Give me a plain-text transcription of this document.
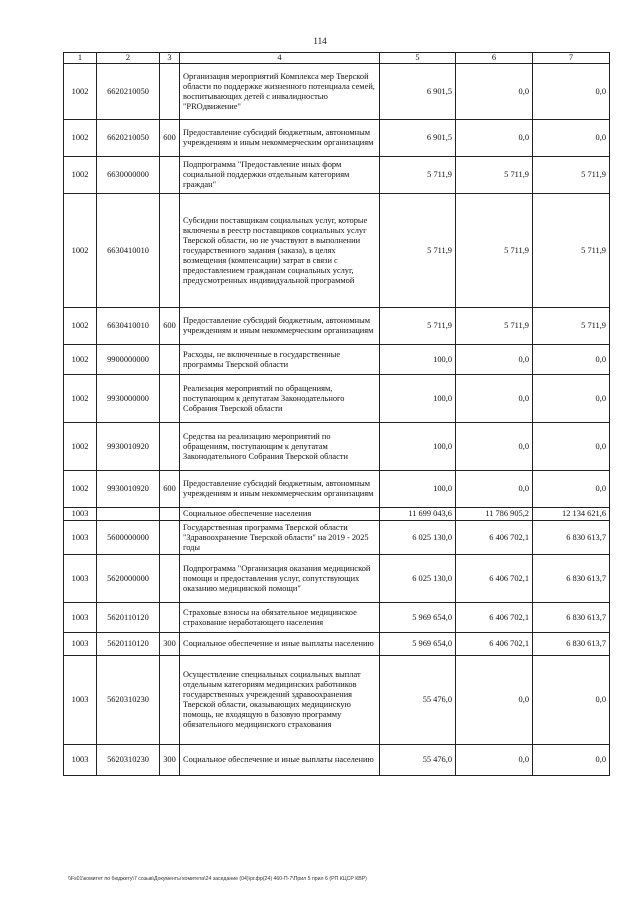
114
1	2	3	4	5	6	7
1002	6620210050		Организация мероприятий Комплекса мер Тверской области по поддержке жизненного потенциала семей, воспитывающих детей с инвалидностью "PROдвижение"	6 901,5	0,0	0,0
1002	6620210050	600	Предоставление субсидий бюджетным, автономным учреждениям и иным некоммерческим организациям	6 901,5	0,0	0,0
1002	6630000000		Подпрограмма "Предоставление иных форм социальной поддержки отдельным категориям граждан"	5 711,9	5 711,9	5 711,9
1002	6630410010		Субсидии поставщикам социальных услуг, которые включены в реестр поставщиков социальных услуг Тверской области, но не участвуют в выполнении государственного задания (заказа), в целях возмещения (компенсации) затрат в связи с предоставлением гражданам социальных услуг, предусмотренных индивидуальной программой	5 711,9	5 711,9	5 711,9
1002	6630410010	600	Предоставление субсидий бюджетным, автономным учреждениям и иным некоммерческим организациям	5 711,9	5 711,9	5 711,9
1002	9900000000		Расходы, не включенные в государственные программы Тверской области	100,0	0,0	0,0
1002	9930000000		Реализация мероприятий по обращениям, поступающим к депутатам Законодательного Собрания Тверской области	100,0	0,0	0,0
1002	9930010920		Средства на реализацию мероприятий по обращениям, поступающим к депутатам Законодательного Собрания Тверской области	100,0	0,0	0,0
1002	9930010920	600	Предоставление субсидий бюджетным, автономным учреждениям и иным некоммерческим организациям	100,0	0,0	0,0
1003			Социальное обеспечение населения	11 699 043,6	11 786 905,2	12 134 621,6
1003	5600000000		Государственная программа Тверской области "Здравоохранение Тверской области" на 2019 - 2025 годы	6 025 130,0	6 406 702,1	6 830 613,7
1003	5620000000		Подпрограмма "Организация оказания медицинской помощи и предоставления услуг, сопутствующих оказанию медицинской помощи"	6 025 130,0	6 406 702,1	6 830 613,7
1003	5620110120		Страховые взносы на обязательное медицинское страхование неработающего населения	5 969 654,0	6 406 702,1	6 830 613,7
1003	5620110120	300	Социальное обеспечение и иные выплаты населению	5 969 654,0	6 406 702,1	6 830 613,7
1003	5620310230		Осуществление специальных социальных выплат отдельным категориям медицинских работников государственных учреждений здравоохранения Тверской области, оказывающих медицинскую помощь, не входящую в базовую программу обязательного медицинского страхования	55 476,0	0,0	0,0
1003	5620310230	300	Социальное обеспечение и иные выплаты населению	55 476,0	0,0	0,0
\\Fs01\комитет по бюджету\7 созыв\Документы комитета\24 заседание (04)\рг.фр(24) 460-П-7\Прил 5 прил 6 (РП КЦСР КВР)
